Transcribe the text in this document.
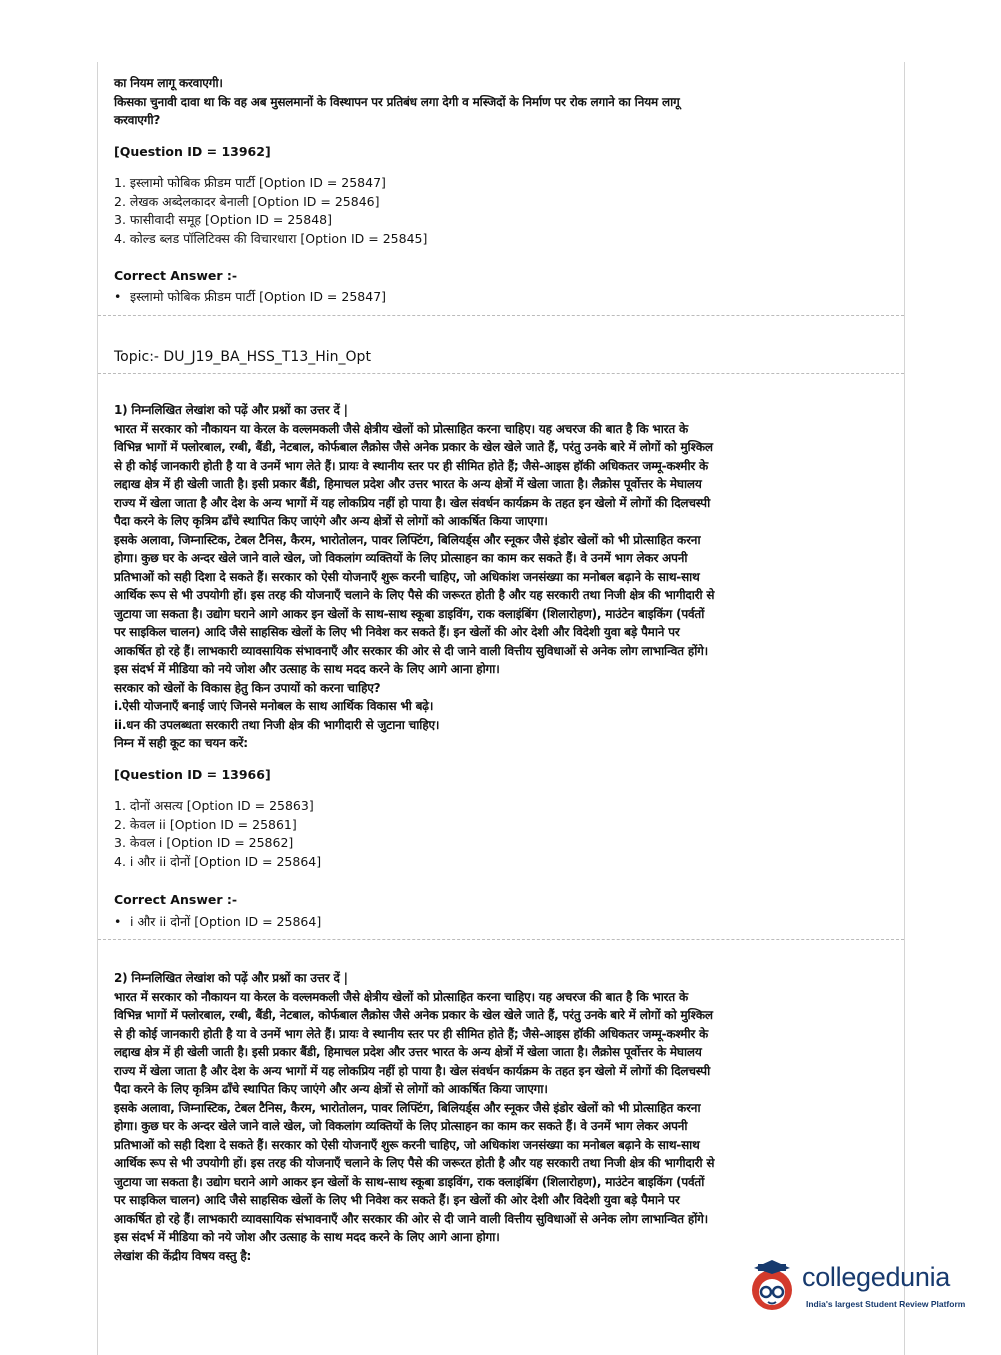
का नियम लागू करवाएगी।
किसका चुनावी दावा था कि वह अब मुसलमानों के विस्थापन पर प्रतिबंध लगा देगी व मस्जिदों के निर्माण पर रोक लगाने का नियम लागू
करवाएगी?
[Question ID = 13962]
1. इस्लामो फोबिक फ्रीडम पार्टी [Option ID = 25847]
2. लेखक अब्देलकादर बेनाली [Option ID = 25846]
3. फासीवादी समूह [Option ID = 25848]
4. कोल्ड ब्लड पॉलिटिक्स की विचारधारा [Option ID = 25845]
Correct Answer :-
• इस्लामो फोबिक फ्रीडम पार्टी [Option ID = 25847]
Topic:- DU_J19_BA_HSS_T13_Hin_Opt
1) निम्नलिखित लेखांश को पढ़ें और प्रश्नों का उत्तर दें |
भारत में सरकार को नौकायन या केरल के वल्लमकली जैसे क्षेत्रीय खेलों को प्रोत्साहित करना चाहिए। यह अचरज की बात है कि भारत के
विभिन्न भागों में फ्लोरबाल, रग्बी, बैंडी, नेटबाल, कोर्फबाल लैक्रोस जैसे अनेक प्रकार के खेल खेले जाते हैं, परंतु उनके बारे में लोगों को मुश्किल
से ही कोई जानकारी होती है या वे उनमें भाग लेते हैं। प्रायः वे स्थानीय स्तर पर ही सीमित होते हैं; जैसे-आइस हॉकी अधिकतर जम्मू-कश्मीर के
लद्दाख क्षेत्र में ही खेली जाती है। इसी प्रकार बैंडी, हिमाचल प्रदेश और उत्तर भारत के अन्य क्षेत्रों में खेला जाता है। लैक्रोस पूर्वोत्तर के मेघालय
राज्य में खेला जाता है और देश के अन्य भागों में यह लोकप्रिय नहीं हो पाया है। खेल संवर्धन कार्यक्रम के तहत इन खेलो में लोगों की दिलचस्पी
पैदा करने के लिए कृत्रिम ढाँचे स्थापित किए जाएंगे और अन्य क्षेत्रों से लोगों को आकर्षित किया जाएगा।
इसके अलावा, जिम्नास्टिक, टेबल टैनिस, कैरम, भारोतोलन, पावर लिफ्टिंग, बिलियर्ड्स और स्नूकर जैसे इंडोर खेलों को भी प्रोत्साहित करना
होगा। कुछ घर के अन्दर खेले जाने वाले खेल, जो विकलांग व्यक्तियों के लिए प्रोत्साहन का काम कर सकते हैं। वे उनमें भाग लेकर अपनी
प्रतिभाओं को सही दिशा दे सकते हैं। सरकार को ऐसी योजनाएँ शुरू करनी चाहिए, जो अधिकांश जनसंख्या का मनोबल बढ़ाने के साथ-साथ
आर्थिक रूप से भी उपयोगी हों। इस तरह की योजनाएँ चलाने के लिए पैसे की जरूरत होती है और यह सरकारी तथा निजी क्षेत्र की भागीदारी से
जुटाया जा सकता है। उद्योग घराने आगे आकर इन खेलों के साथ-साथ स्कूबा डाइविंग, राक क्लाइंबिंग (शिलारोहण), माउंटेन बाइकिंग (पर्वतों
पर साइकिल चालन) आदि जैसे साहसिक खेलों के लिए भी निवेश कर सकते हैं। इन खेलों की ओर देशी और विदेशी युवा बड़े पैमाने पर
आकर्षित हो रहे हैं। लाभकारी व्यावसायिक संभावनाएँ और सरकार की ओर से दी जाने वाली वित्तीय सुविधाओं से अनेक लोग लाभान्वित होंगे।
इस संदर्भ में मीडिया को नये जोश और उत्साह के साथ मदद करने के लिए आगे आना होगा।
सरकार को खेलों के विकास हेतु किन उपायों को करना चाहिए?
i.ऐसी योजनाएँ बनाई जाएं जिनसे मनोबल के साथ आर्थिक विकास भी बढ़े।
ii.धन की उपलब्धता सरकारी तथा निजी क्षेत्र की भागीदारी से जुटाना चाहिए।
निम्न में सही कूट का चयन करें:
[Question ID = 13966]
1. दोनों असत्य [Option ID = 25863]
2. केवल ii [Option ID = 25861]
3. केवल i [Option ID = 25862]
4. i और ii दोनों [Option ID = 25864]
Correct Answer :-
• i और ii दोनों [Option ID = 25864]
2) निम्नलिखित लेखांश को पढ़ें और प्रश्नों का उत्तर दें |
भारत में सरकार को नौकायन या केरल के वल्लमकली जैसे क्षेत्रीय खेलों को प्रोत्साहित करना चाहिए। यह अचरज की बात है कि भारत के
विभिन्न भागों में फ्लोरबाल, रग्बी, बैंडी, नेटबाल, कोर्फबाल लैक्रोस जैसे अनेक प्रकार के खेल खेले जाते हैं, परंतु उनके बारे में लोगों को मुश्किल
से ही कोई जानकारी होती है या वे उनमें भाग लेते हैं। प्रायः वे स्थानीय स्तर पर ही सीमित होते हैं; जैसे-आइस हॉकी अधिकतर जम्मू-कश्मीर के
लद्दाख क्षेत्र में ही खेली जाती है। इसी प्रकार बैंडी, हिमाचल प्रदेश और उत्तर भारत के अन्य क्षेत्रों में खेला जाता है। लैक्रोस पूर्वोत्तर के मेघालय
राज्य में खेला जाता है और देश के अन्य भागों में यह लोकप्रिय नहीं हो पाया है। खेल संवर्धन कार्यक्रम के तहत इन खेलो में लोगों की दिलचस्पी
पैदा करने के लिए कृत्रिम ढाँचे स्थापित किए जाएंगे और अन्य क्षेत्रों से लोगों को आकर्षित किया जाएगा।
इसके अलावा, जिम्नास्टिक, टेबल टैनिस, कैरम, भारोतोलन, पावर लिफ्टिंग, बिलियर्ड्स और स्नूकर जैसे इंडोर खेलों को भी प्रोत्साहित करना
होगा। कुछ घर के अन्दर खेले जाने वाले खेल, जो विकलांग व्यक्तियों के लिए प्रोत्साहन का काम कर सकते हैं। वे उनमें भाग लेकर अपनी
प्रतिभाओं को सही दिशा दे सकते हैं। सरकार को ऐसी योजनाएँ शुरू करनी चाहिए, जो अधिकांश जनसंख्या का मनोबल बढ़ाने के साथ-साथ
आर्थिक रूप से भी उपयोगी हों। इस तरह की योजनाएँ चलाने के लिए पैसे की जरूरत होती है और यह सरकारी तथा निजी क्षेत्र की भागीदारी से
जुटाया जा सकता है। उद्योग घराने आगे आकर इन खेलों के साथ-साथ स्कूबा डाइविंग, राक क्लाइंबिंग (शिलारोहण), माउंटेन बाइकिंग (पर्वतों
पर साइकिल चालन) आदि जैसे साहसिक खेलों के लिए भी निवेश कर सकते हैं। इन खेलों की ओर देशी और विदेशी युवा बड़े पैमाने पर
आकर्षित हो रहे हैं। लाभकारी व्यावसायिक संभावनाएँ और सरकार की ओर से दी जाने वाली वित्तीय सुविधाओं से अनेक लोग लाभान्वित होंगे।
इस संदर्भ में मीडिया को नये जोश और उत्साह के साथ मदद करने के लिए आगे आना होगा।
लेखांश की केंद्रीय विषय वस्तु है:
collegedunia
India's largest Student Review Platform
